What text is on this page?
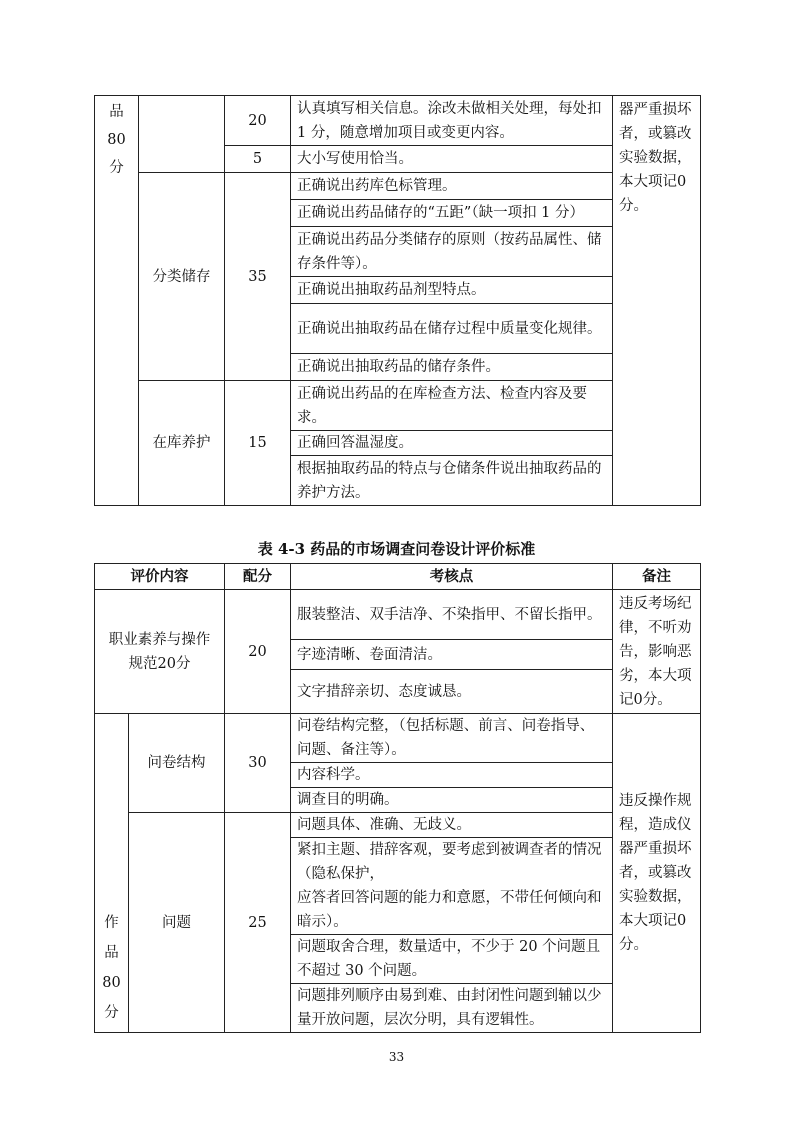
品
80
分		20	认真填写相关信息。涂改未做相关处理，每处扣 1 分，随意增加项目或变更内容。	器严重损坏者，或篡改实验数据，本大项记0分。
		5	大小写使用恰当。	
	分类储存	35	正确说出药库色标管理。	
			正确说出药品储存的“五距”（缺一项扣 1 分）	
			正确说出药品分类储存的原则（按药品属性、储存条件等）。	
			正确说出抽取药品剂型特点。	
			正确说出抽取药品在储存过程中质量变化规律。	
			正确说出抽取药品的储存条件。	
	在库养护	15	正确说出药品的在库检查方法、检查内容及要求。	
			正确回答温湿度。	
			根据抽取药品的特点与仓储条件说出抽取药品的养护方法。	
表 4-3 药品的市场调查问卷设计评价标准
评价内容		配分	考核点	备注
职业素养与操作规范20分		20	服装整洁、双手洁净、不染指甲、不留长指甲。	违反考场纪律，不听劝告，影响恶劣，本大项记0分。
			字迹清晰、卷面清洁。	
			文字措辞亲切、态度诚恳。	

作
品
80
分	问卷结构	30	问卷结构完整，（包括标题、前言、问卷指导、问题、备注等）。	违反操作规程，造成仪器严重损坏者，或篡改实验数据，本大项记0分。
			内容科学。	
			调查目的明确。	
	问题	25	问题具体、准确、无歧义。	
			紧扣主题、措辞客观，要考虑到被调查者的情况（隐私保护，	
			应答者回答问题的能力和意愿，不带任何倾向和暗示）。	
			问题取舍合理，数量适中，不少于 20 个问题且不超过 30 个问题。	
			问题排列顺序由易到难、由封闭性问题到辅以少量开放问题，层次分明，具有逻辑性。	
33
